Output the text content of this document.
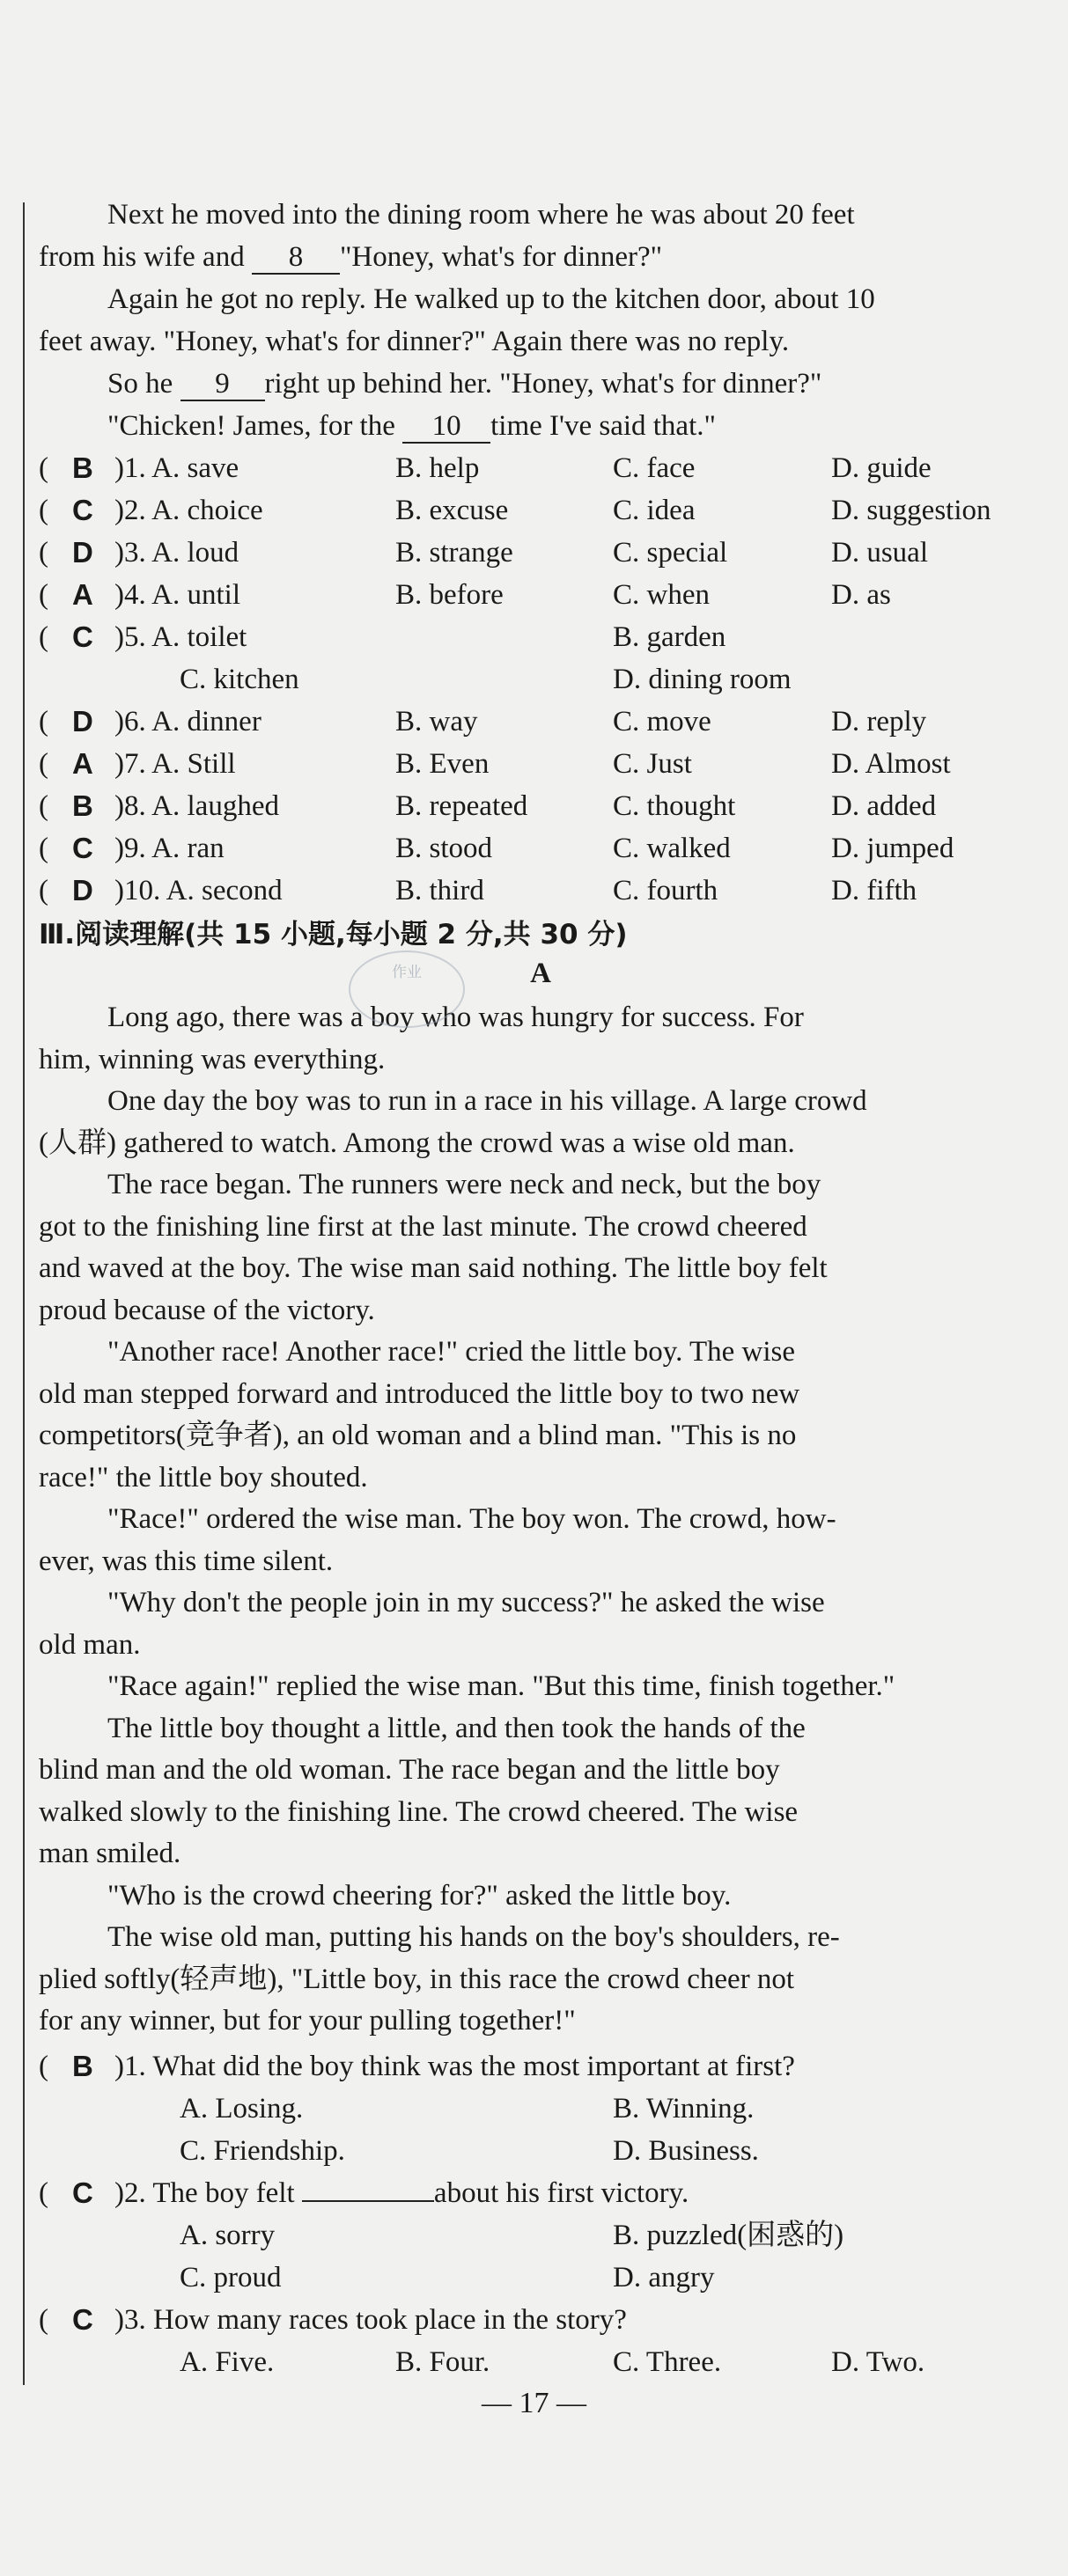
Next he moved into the dining room where he was about 20 feet
from his wife and 8 "Honey, what's for dinner?"
Again he got no reply. He walked up to the kitchen door, about 10
feet away. "Honey, what's for dinner?" Again there was no reply.
So he 9 right up behind her. "Honey, what's for dinner?"
"Chicken! James, for the 10 time I've said that."
( B )1. A. save	B. help	C. face	D. guide
( C )2. A. choice	B. excuse	C. idea	D. suggestion
( D )3. A. loud	B. strange	C. special	D. usual
( A )4. A. until	B. before	C. when	D. as
( C )5. A. toilet	B. garden
C. kitchen	D. dining room
( D )6. A. dinner	B. way	C. move	D. reply
( A )7. A. Still	B. Even	C. Just	D. Almost
( B )8. A. laughed	B. repeated	C. thought	D. added
( C )9. A. ran	B. stood	C. walked	D. jumped
( D )10. A. second	B. third	C. fourth	D. fifth
Ⅲ.阅读理解(共 15 小题,每小题 2 分,共 30 分)
A
Long ago, there was a boy who was hungry for success. For
him, winning was everything.
One day the boy was to run in a race in his village. A large crowd
(人群) gathered to watch. Among the crowd was a wise old man.
The race began. The runners were neck and neck, but the boy
got to the finishing line first at the last minute. The crowd cheered
and waved at the boy. The wise man said nothing. The little boy felt
proud because of the victory.
"Another race! Another race!" cried the little boy. The wise
old man stepped forward and introduced the little boy to two new
competitors(竞争者), an old woman and a blind man. "This is no
race!" the little boy shouted.
"Race!" ordered the wise man. The boy won. The crowd, how-
ever, was this time silent.
"Why don't the people join in my success?" he asked the wise
old man.
"Race again!" replied the wise man. "But this time, finish together."
The little boy thought a little, and then took the hands of the
blind man and the old woman. The race began and the little boy
walked slowly to the finishing line. The crowd cheered. The wise
man smiled.
"Who is the crowd cheering for?" asked the little boy.
The wise old man, putting his hands on the boy's shoulders, re-
plied softly(轻声地), "Little boy, in this race the crowd cheer not
for any winner, but for your pulling together!"
( B )1. What did the boy think was the most important at first?
A. Losing.	B. Winning.
C. Friendship.	D. Business.
( C )2. The boy felt	about his first victory.
A. sorry	B. puzzled(困惑的)
C. proud	D. angry
( C )3. How many races took place in the story?
A. Five.	B. Four.	C. Three.	D. Two.
作业
— 17 —
